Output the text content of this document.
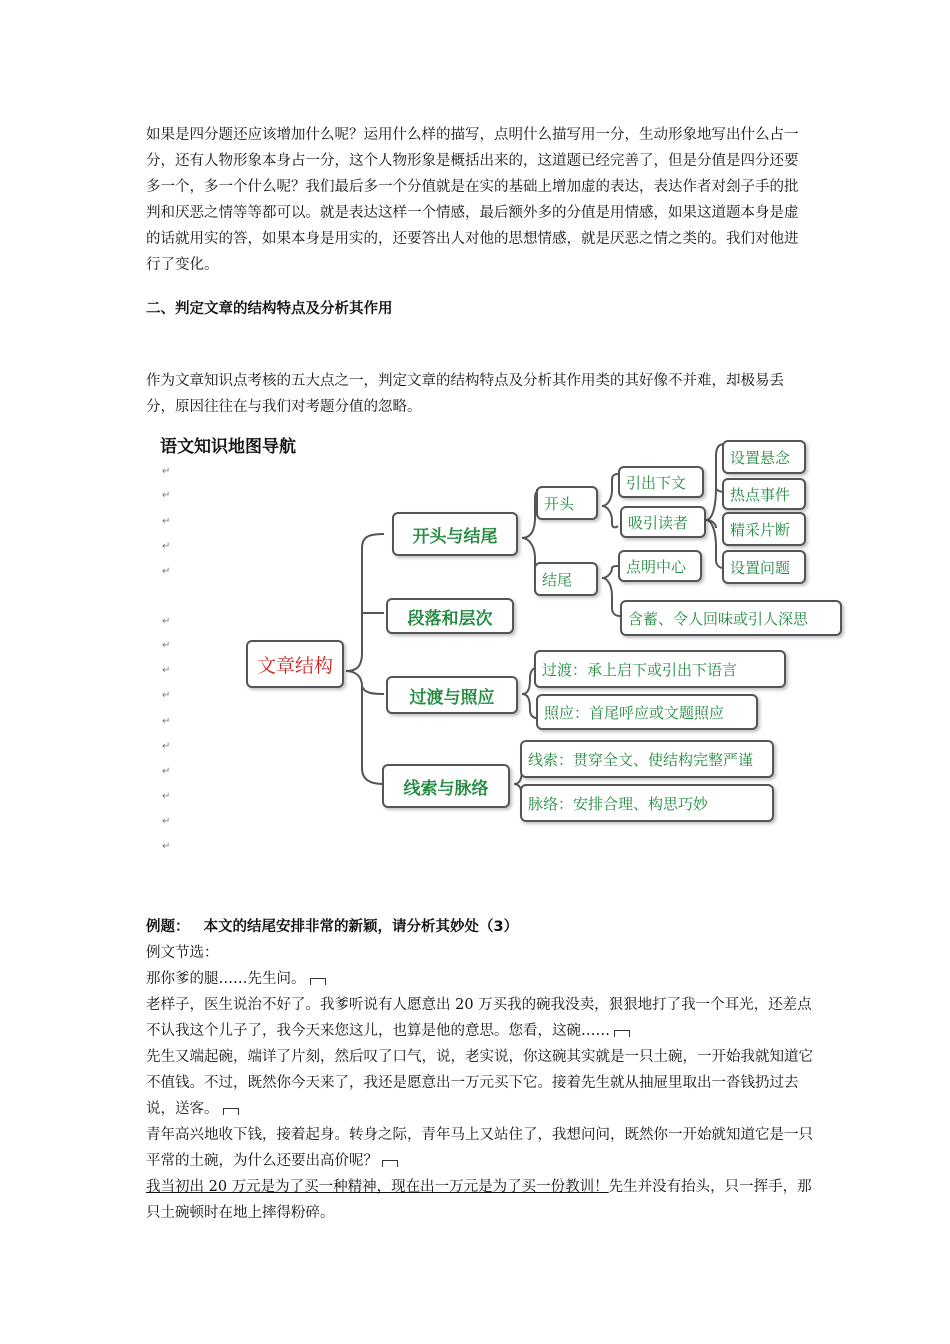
如果是四分题还应该增加什么呢？运用什么样的描写，点明什么描写用一分，生动形象地写出什么占一分，还有人物形象本身占一分，这个人物形象是概括出来的，这道题已经完善了，但是分值是四分还要多一个，多一个什么呢？我们最后多一个分值就是在实的基础上增加虚的表达，表达作者对刽子手的批判和厌恶之情等等都可以。就是表达这样一个情感，最后额外多的分值是用情感，如果这道题本身是虚的话就用实的答，如果本身是用实的，还要答出人对他的思想情感，就是厌恶之情之类的。我们对他进行了变化。

二、判定文章的结构特点及分析其作用

作为文章知识点考核的五大点之一，判定文章的结构特点及分析其作用类的其好像不并难，却极易丢分，原因往往在与我们对考题分值的忽略。

语文知识地图导航
↵
↵
↵
↵
↵
↵
↵
↵
↵
↵
↵
↵
↵
↵
↵
文章结构
开头与结尾
段落和层次
过渡与照应
线索与脉络
开头
结尾
引出下文
吸引读者
设置悬念
热点事件
精采片断
设置问题
点明中心
含蓄、令人回味或引人深思
过渡：承上启下或引出下语言
照应：首尾呼应或文题照应
线索：贯穿全文、使结构完整严谨
脉络：安排合理、构思巧妙

例题： 本文的结尾安排非常的新颖，请分析其妙处（3）

例文节选：

那你爹的腿……先生问。

老样子，医生说治不好了。我爹听说有人愿意出 20 万买我的碗我没卖，狠狠地打了我一个耳光，还差点不认我这个儿子了，我今天来您这儿，也算是他的意思。您看，这碗……

先生又端起碗，端详了片刻，然后叹了口气，说，老实说，你这碗其实就是一只土碗，一开始我就知道它不值钱。不过，既然你今天来了，我还是愿意出一万元买下它。接着先生就从抽屉里取出一沓钱扔过去说，送客。

青年高兴地收下钱，接着起身。转身之际，青年马上又站住了，我想问问，既然你一开始就知道它是一只平常的土碗，为什么还要出高价呢？

我当初出 20 万元是为了买一种精神，现在出一万元是为了买一份教训！先生并没有抬头，只一挥手，那只土碗顿时在地上摔得粉碎。
